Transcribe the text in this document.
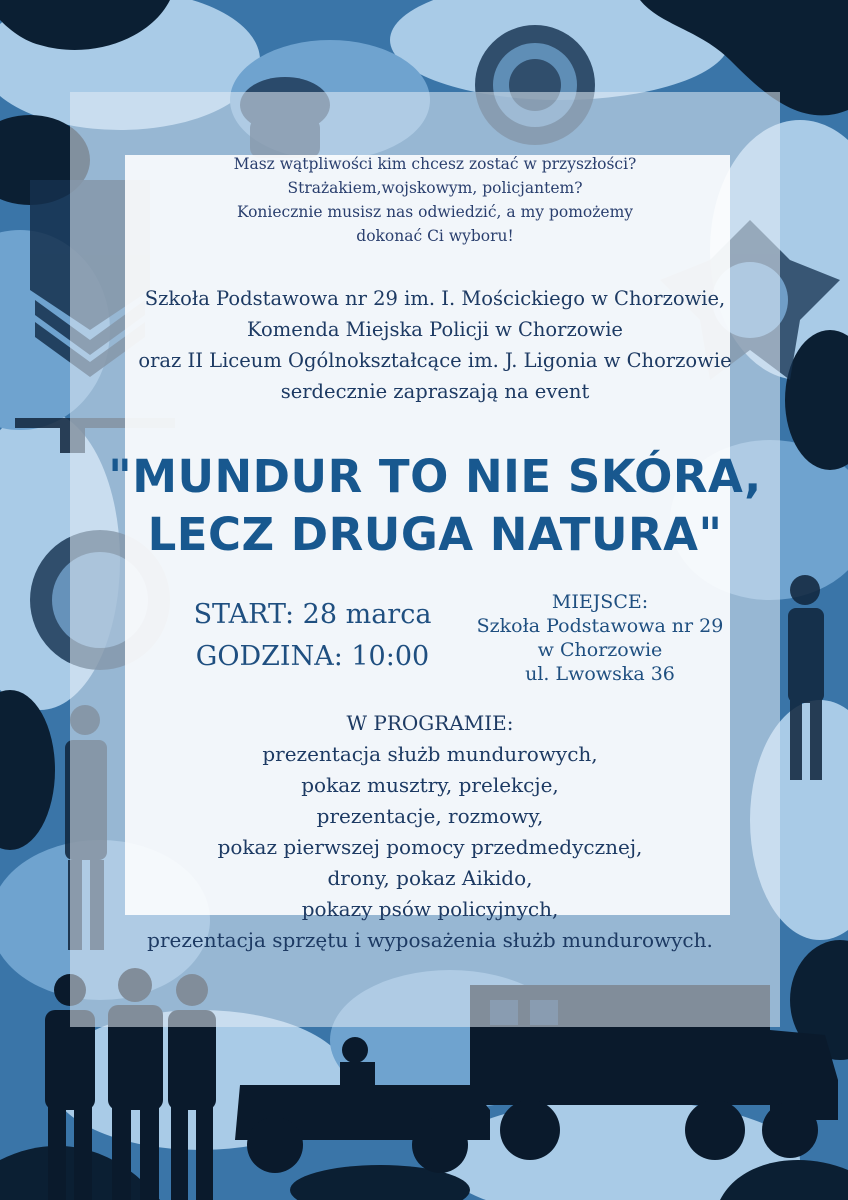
Masz wątpliwości kim chcesz zostać w przyszłości?
Strażakiem,wojskowym, policjantem?
Koniecznie musisz nas odwiedzić, a my pomożemy
dokonać Ci wyboru!
Szkoła Podstawowa nr 29 im. I. Mościckiego w Chorzowie,
Komenda Miejska Policji w Chorzowie
oraz II Liceum Ogólnokształcące im. J. Ligonia w Chorzowie
serdecznie zapraszają na event
"MUNDUR TO NIE SKÓRA,
LECZ DRUGA NATURA"
START: 28 marca
GODZINA: 10:00
MIEJSCE:
Szkoła Podstawowa nr 29
w Chorzowie
ul. Lwowska 36
W PROGRAMIE:
prezentacja służb mundurowych,
pokaz musztry, prelekcje,
prezentacje, rozmowy,
pokaz pierwszej pomocy przedmedycznej,
drony, pokaz Aikido,
pokazy psów policyjnych,
prezentacja sprzętu i wyposażenia służb mundurowych.
